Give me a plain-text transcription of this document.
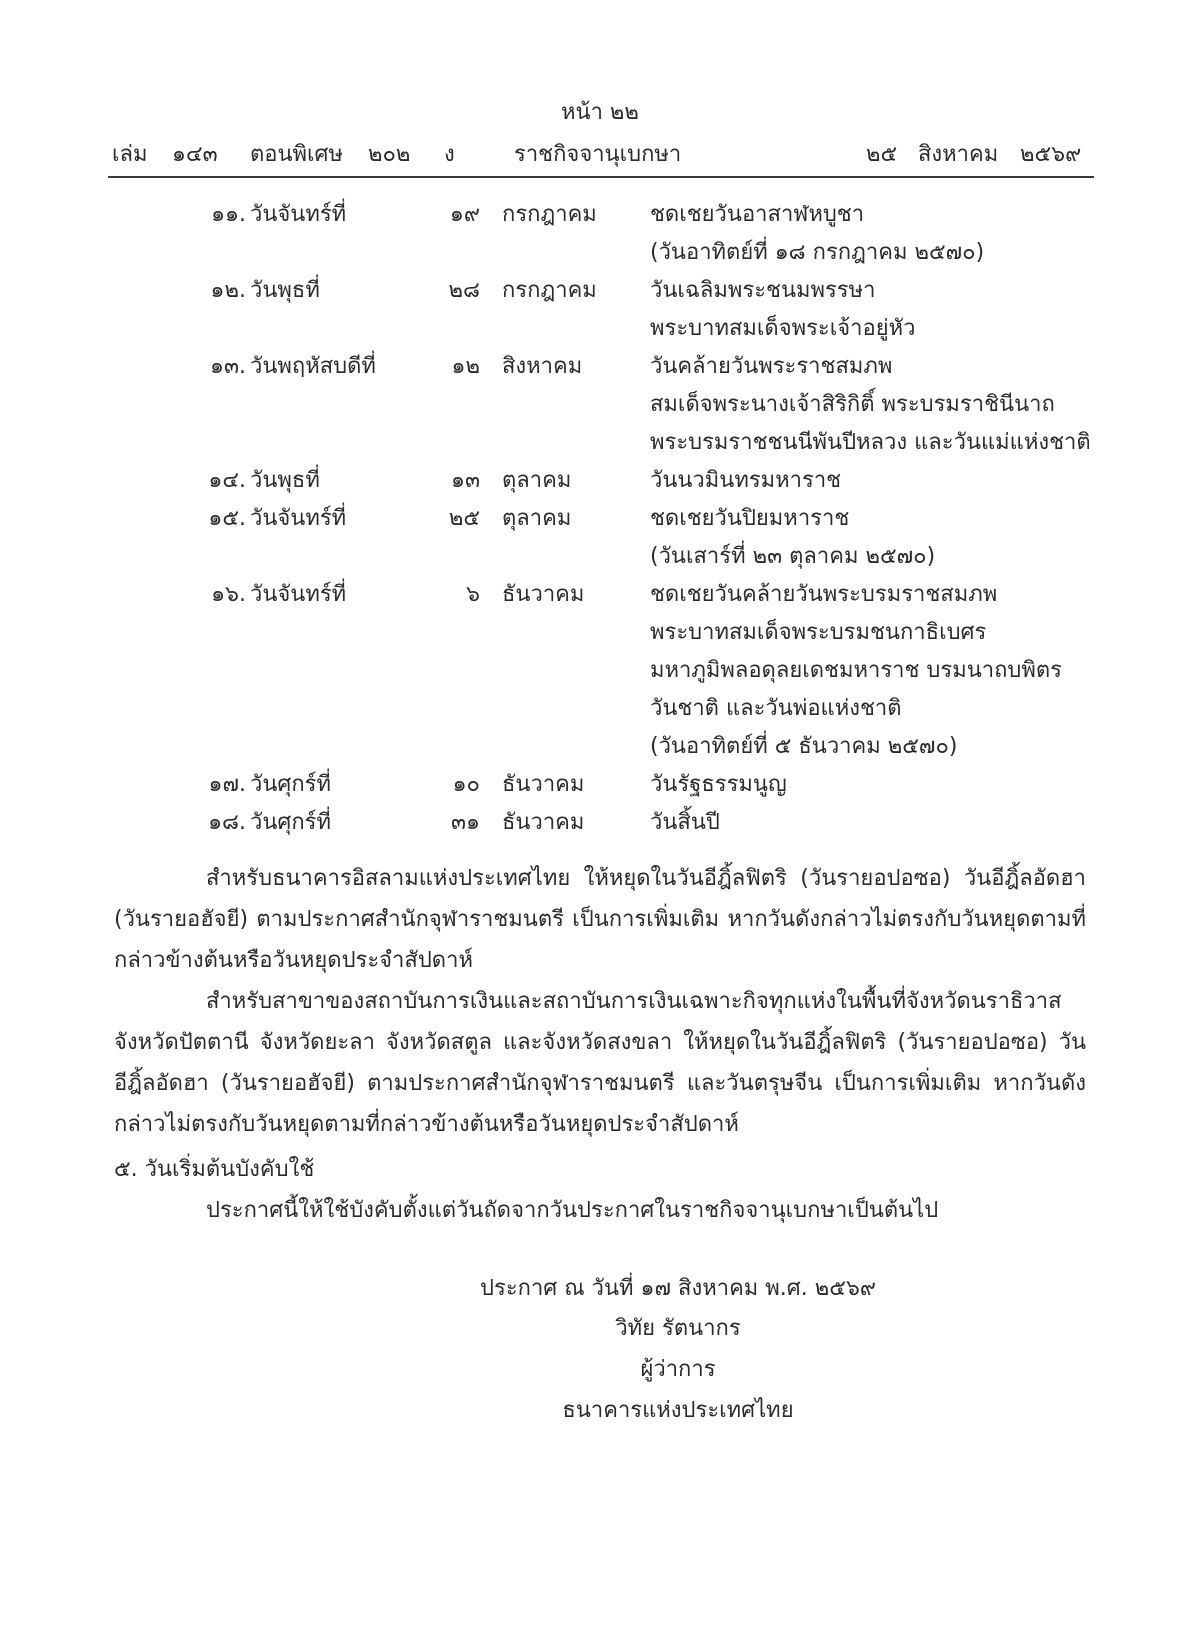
หน้า ๒๒
เล่ม ๑๔๓ ตอนพิเศษ ๒๐๒ ง	ราชกิจจานุเบกษา	๒๕ สิงหาคม ๒๕๖๙
๑๑. วันจันทร์ที่	๑๙ กรกฎาคม ชดเชยวันอาสาฬหบูชา
(วันอาทิตย์ที่ ๑๘ กรกฎาคม ๒๕๗๐)
๑๒. วันพุธที่	๒๘ กรกฎาคม วันเฉลิมพระชนมพรรษา
พระบาทสมเด็จพระเจ้าอยู่หัว
๑๓. วันพฤหัสบดีที่	๑๒ สิงหาคม	วันคล้ายวันพระราชสมภพ
สมเด็จพระนางเจ้าสิริกิติ์ พระบรมราชินีนาถ
พระบรมราชชนนีพันปีหลวง และวันแม่แห่งชาติ
๑๔. วันพุธที่	๑๓ ตุลาคม	วันนวมินทรมหาราช
๑๕. วันจันทร์ที่	๒๕ ตุลาคม	ชดเชยวันปิยมหาราช
(วันเสาร์ที่ ๒๓ ตุลาคม ๒๕๗๐)
๑๖. วันจันทร์ที่	๖ ธันวาคม	ชดเชยวันคล้ายวันพระบรมราชสมภพ
พระบาทสมเด็จพระบรมชนกาธิเบศร
มหาภูมิพลอดุลยเดชมหาราช บรมนาถบพิตร
วันชาติ และวันพ่อแห่งชาติ
(วันอาทิตย์ที่ ๕ ธันวาคม ๒๕๗๐)
๑๗. วันศุกร์ที่	๑๐ ธันวาคม	วันรัฐธรรมนูญ
๑๘. วันศุกร์ที่	๓๑ ธันวาคม	วันสิ้นปี
สำหรับธนาคารอิสลามแห่งประเทศไทย ให้หยุดในวันอีฎิ้ลฟิตริ (วันรายอปอซอ) วันอีฎิ้ลอัดฮา (วันรายอฮัจยี) ตามประกาศสำนักจุฬาราชมนตรี เป็นการเพิ่มเติม หากวันดังกล่าวไม่ตรงกับวันหยุดตามที่กล่าวข้างต้นหรือวันหยุดประจำสัปดาห์
สำหรับสาขาของสถาบันการเงินและสถาบันการเงินเฉพาะกิจทุกแห่งในพื้นที่จังหวัดนราธิวาส จังหวัดปัตตานี จังหวัดยะลา จังหวัดสตูล และจังหวัดสงขลา ให้หยุดในวันอีฎิ้ลฟิตริ (วันรายอปอซอ) วันอีฎิ้ลอัดฮา (วันรายอฮัจยี) ตามประกาศสำนักจุฬาราชมนตรี และวันตรุษจีน เป็นการเพิ่มเติม หากวันดังกล่าวไม่ตรงกับวันหยุดตามที่กล่าวข้างต้นหรือวันหยุดประจำสัปดาห์
๕. วันเริ่มต้นบังคับใช้
ประกาศนี้ให้ใช้บังคับตั้งแต่วันถัดจากวันประกาศในราชกิจจานุเบกษาเป็นต้นไป
ประกาศ ณ วันที่ ๑๗ สิงหาคม พ.ศ. ๒๕๖๙
วิทัย รัตนากร
ผู้ว่าการ
ธนาคารแห่งประเทศไทย
